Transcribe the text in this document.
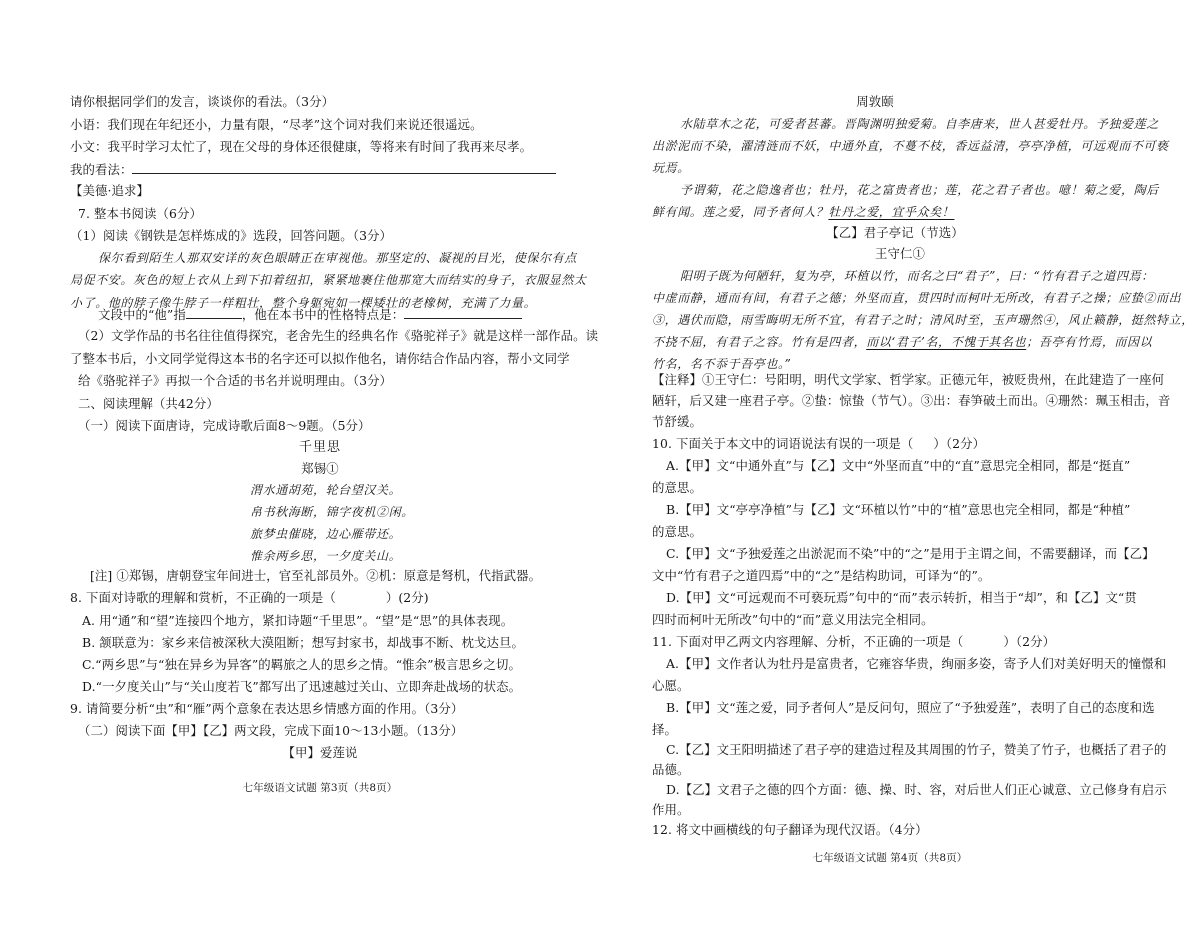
请你根据同学们的发言，谈谈你的看法。（3分）
小语：我们现在年纪还小，力量有限，“尽孝”这个词对我们来说还很遥远。
小文：我平时学习太忙了，现在父母的身体还很健康，等将来有时间了我再来尽孝。
我的看法：
【美德·追求】
7. 整本书阅读（6分）
（1）阅读《钢铁是怎样炼成的》选段，回答问题。（3分）
保尔看到陌生人那双安详的灰色眼睛正在审视他。那坚定的、凝视的目光，使保尔有点
局促不安。灰色的短上衣从上到下扣着纽扣，紧紧地裹住他那宽大而结实的身子，衣服显然太
小了。他的脖子像牛脖子一样粗壮，整个身躯宛如一棵矮壮的老橡树，充满了力量。
文段中的“他”指	，他在本书中的性格特点是：
（2）文学作品的书名往往值得探究，老舍先生的经典名作《骆驼祥子》就是这样一部作品。读
了整本书后，小文同学觉得这本书的名字还可以拟作他名，请你结合作品内容，帮小文同学
给《骆驼祥子》再拟一个合适的书名并说明理由。（3分）
二、阅读理解（共42分）
（一）阅读下面唐诗，完成诗歌后面8～9题。（5分）
千里思
郑锡①
渭水通胡苑，轮台望汉关。
帛书秋海断，锦字夜机②闲。
旅梦虫催晓，边心雁带还。
惟余两乡思，一夕度关山。
[注] ①郑锡，唐朝登宝年间进士，官至礼部员外。②机：原意是弩机，代指武器。
8. 下面对诗歌的理解和赏析，不正确的一项是（	）(2分)
A. 用“通”和“望”连接四个地方，紧扣诗题“千里思”。“望”是“思”的具体表现。
B. 颔联意为：家乡来信被深秋大漠阻断；想写封家书，却战事不断、枕戈达旦。
C.“两乡思”与“独在异乡为异客”的羁旅之人的思乡之情。“惟余”极言思乡之切。
D.“一夕度关山”与“关山度若飞”都写出了迅速越过关山、立即奔赴战场的状态。
9. 请简要分析“虫”和“雁”两个意象在表达思乡情感方面的作用。（3分）
（二）阅读下面【甲】【乙】两文段，完成下面10～13小题。（13分）
【甲】爱莲说
七年级语文试题 第3页（共8页）
周敦颐
水陆草木之花，可爱者甚蕃。晋陶渊明独爱菊。自李唐来，世人甚爱牡丹。予独爱莲之
出淤泥而不染，濯清涟而不妖，中通外直，不蔓不枝，香远益清，亭亭净植，可远观而不可亵
玩焉。
予谓菊，花之隐逸者也；牡丹，花之富贵者也；莲，花之君子者也。噫！菊之爱，陶后
鲜有闻。莲之爱，同予者何人？牡丹之爱，宜乎众矣！
【乙】君子亭记（节选）
王守仁①
阳明子既为何陋轩，复为亭，环植以竹，而名之曰“君子”，曰：“竹有君子之道四焉：
中虚而静，通而有间，有君子之德；外坚而直，贯四时而柯叶无所改，有君子之操；应蛰②而出
③，遇伏而隐，雨雪晦明无所不宜，有君子之时；清风时至，玉声珊然④，风止籁静，挺然特立，
不挠不屈，有君子之容。竹有是四者，而以‘君子’名，不愧于其名也；吾亭有竹焉，而因以
竹名，名不忝于吾亭也。”
【注释】①王守仁：号阳明，明代文学家、哲学家。正德元年，被贬贵州，在此建造了一座何
陋轩，后又建一座君子亭。②蛰：惊蛰（节气）。③出：春笋破土而出。④珊然：珮玉相击，音
节舒缓。
10. 下面关于本文中的词语说法有误的一项是（ ）（2分）
A.【甲】文“中通外直”与【乙】文中“外坚而直”中的“直”意思完全相同，都是“挺直”
的意思。
B.【甲】文“亭亭净植”与【乙】文“环植以竹”中的“植”意思也完全相同，都是“种植”
的意思。
C.【甲】文“予独爱莲之出淤泥而不染”中的“之”是用于主谓之间，不需要翻译，而【乙】
文中“竹有君子之道四焉”中的“之”是结构助词，可译为“的”。
D.【甲】文“可远观而不可亵玩焉”句中的“而”表示转折，相当于“却”，和【乙】文“贯
四时而柯叶无所改”句中的“而”意义用法完全相同。
11. 下面对甲乙两文内容理解、分析，不正确的一项是（	）（2分）
A.【甲】文作者认为牡丹是富贵者，它雍容华贵，绚丽多姿，寄予人们对美好明天的憧憬和
心愿。
B.【甲】文“莲之爱，同予者何人”是反问句，照应了“予独爱莲”，表明了自己的态度和选
择。
C.【乙】文王阳明描述了君子亭的建造过程及其周围的竹子，赞美了竹子，也概括了君子的
品德。
D.【乙】文君子之德的四个方面：德、操、时、容，对后世人们正心诚意、立己修身有启示
作用。
12. 将文中画横线的句子翻译为现代汉语。（4分）
七年级语文试题 第4页（共8页）
